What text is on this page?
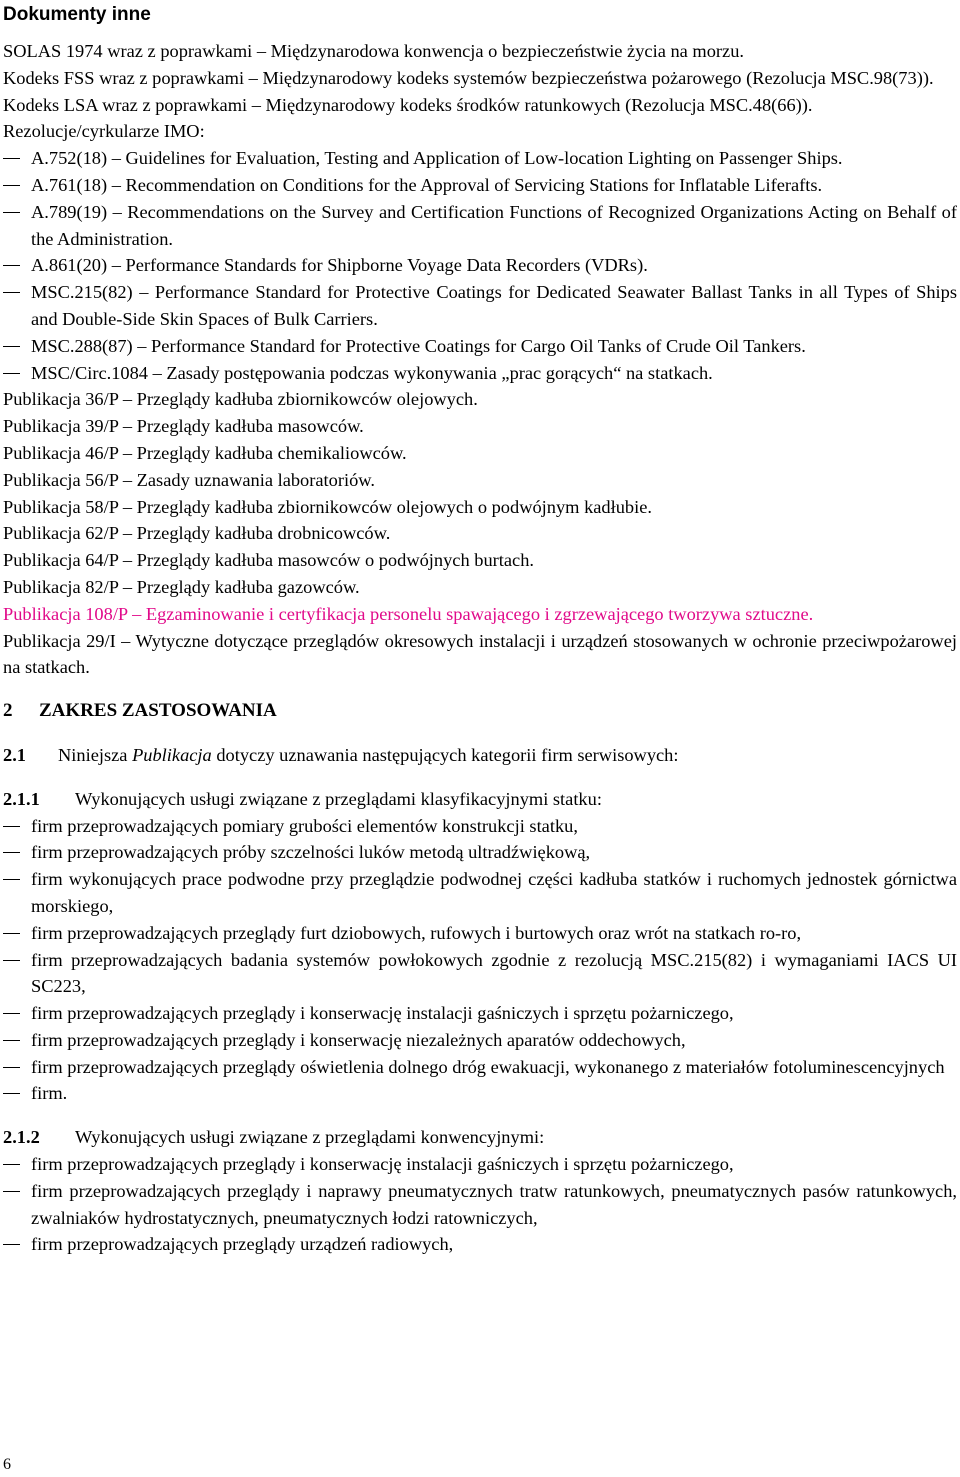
Dokumenty inne

SOLAS 1974 wraz z poprawkami – Międzynarodowa konwencja o bezpieczeństwie życia na morzu.

Kodeks FSS wraz z poprawkami – Międzynarodowy kodeks systemów bezpieczeństwa pożarowego (Rezolucja MSC.98(73)).

Kodeks LSA wraz z poprawkami – Międzynarodowy kodeks środków ratunkowych (Rezolucja MSC.48(66)).

Rezolucje/cyrkularze IMO:

A.752(18) – Guidelines for Evaluation, Testing and Application of Low-location Lighting on Passenger Ships.
A.761(18) – Recommendation on Conditions for the Approval of Servicing Stations for Inflatable Liferafts.
A.789(19) – Recommendations on the Survey and Certification Functions of Recognized Organizations Acting on Behalf of the Administration.
A.861(20) – Performance Standards for Shipborne Voyage Data Recorders (VDRs).
MSC.215(82) – Performance Standard for Protective Coatings for Dedicated Seawater Ballast Tanks in all Types of Ships and Double-Side Skin Spaces of Bulk Carriers.
MSC.288(87) – Performance Standard for Protective Coatings for Cargo Oil Tanks of Crude Oil Tankers.
MSC/Circ.1084 – Zasady postępowania podczas wykonywania „prac gorących“ na statkach.

Publikacja 36/P – Przeglądy kadłuba zbiornikowców olejowych.

Publikacja 39/P – Przeglądy kadłuba masowców.

Publikacja 46/P – Przeglądy kadłuba chemikaliowców.

Publikacja 56/P – Zasady uznawania laboratoriów.

Publikacja 58/P – Przeglądy kadłuba zbiornikowców olejowych o podwójnym kadłubie.

Publikacja 62/P – Przeglądy kadłuba drobnicowców.

Publikacja 64/P – Przeglądy kadłuba masowców o podwójnych burtach.

Publikacja 82/P – Przeglądy kadłuba gazowców.

Publikacja 108/P – Egzaminowanie i certyfikacja personelu spawającego i zgrzewającego tworzywa sztuczne.

Publikacja 29/I – Wytyczne dotyczące przeglądów okresowych instalacji i urządzeń stosowanych w ochronie przeciwpożarowej na statkach.

2 ZAKRES ZASTOSOWANIA

2.1 Niniejsza Publikacja dotyczy uznawania następujących kategorii firm serwisowych:

2.1.1 Wykonujących usługi związane z przeglądami klasyfikacyjnymi statku:

firm przeprowadzających pomiary grubości elementów konstrukcji statku,
firm przeprowadzających próby szczelności luków metodą ultradźwiękową,
firm wykonujących prace podwodne przy przeglądzie podwodnej części kadłuba statków i ruchomych jednostek górnictwa morskiego,
firm przeprowadzających przeglądy furt dziobowych, rufowych i burtowych oraz wrót na statkach ro-ro,
firm przeprowadzających badania systemów powłokowych zgodnie z rezolucją MSC.215(82) i wymaganiami IACS UI SC223,
firm przeprowadzających przeglądy i konserwację instalacji gaśniczych i sprzętu pożarniczego,
firm przeprowadzających przeglądy i konserwację niezależnych aparatów oddechowych,
firm przeprowadzających przeglądy oświetlenia dolnego dróg ewakuacji, wykonanego z materiałów fotoluminescencyjnych
firm.

2.1.2 Wykonujących usługi związane z przeglądami konwencyjnymi:

firm przeprowadzających przeglądy i konserwację instalacji gaśniczych i sprzętu pożarniczego,
firm przeprowadzających przeglądy i naprawy pneumatycznych tratw ratunkowych, pneumatycznych pasów ratunkowych, zwalniaków hydrostatycznych, pneumatycznych łodzi ratowniczych,
firm przeprowadzających przeglądy urządzeń radiowych,
6
